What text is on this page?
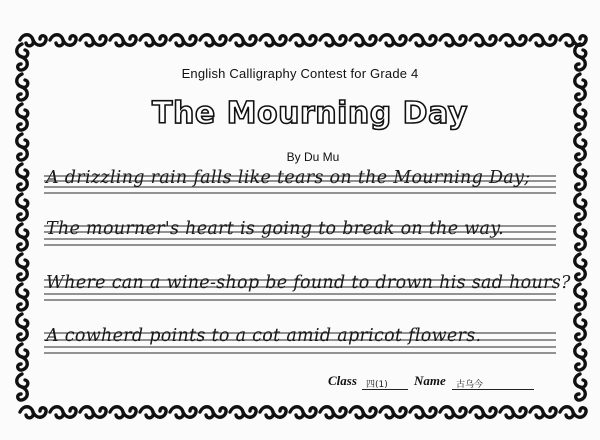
English Calligraphy Contest for Grade 4
The Mourning Day
By Du Mu
A drizzling rain falls like tears on the Mourning Day;
The mourner's heart is going to break on the way.
Where can a wine-shop be found to drown his sad hours?
A cowherd points to a cot amid apricot flowers.
Class 四(1) Name 古乌今
